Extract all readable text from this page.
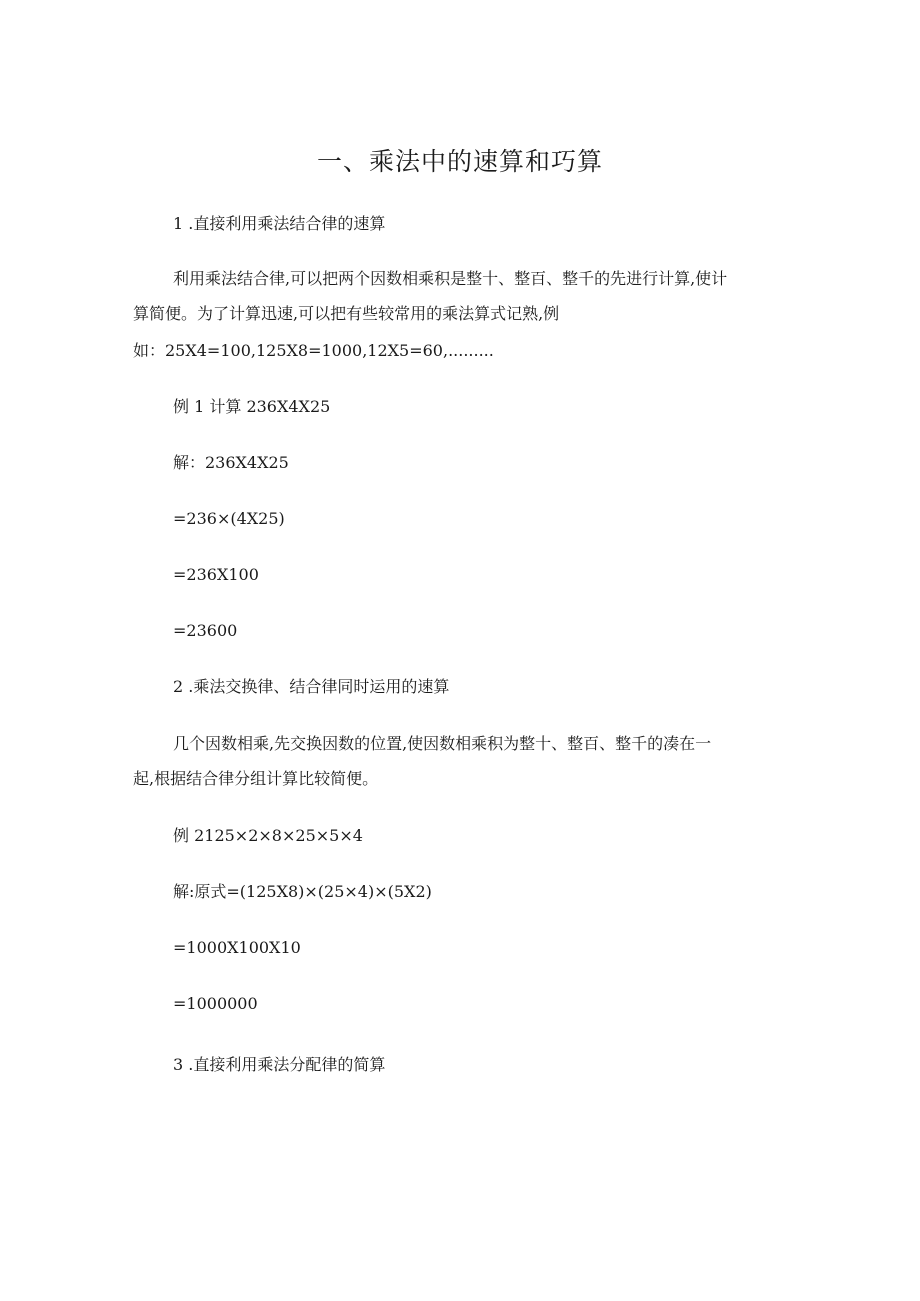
一、乘法中的速算和巧算
1 .直接利用乘法结合律的速算
利用乘法结合律,可以把两个因数相乘积是整十、整百、整千的先进行计算,使计
算简便。为了计算迅速,可以把有些较常用的乘法算式记熟,例
如：25X4=100,125X8=1000,12X5=60,.........
例 1 计算 236X4X25
解：236X4X25
=236×(4X25)
=236X100
=23600
2 .乘法交换律、结合律同时运用的速算
几个因数相乘,先交换因数的位置,使因数相乘积为整十、整百、整千的凑在一
起,根据结合律分组计算比较简便。
例 2125×2×8×25×5×4
解:原式=(125X8)×(25×4)×(5X2)
=1000X100X10
=1000000
3 .直接利用乘法分配律的简算
